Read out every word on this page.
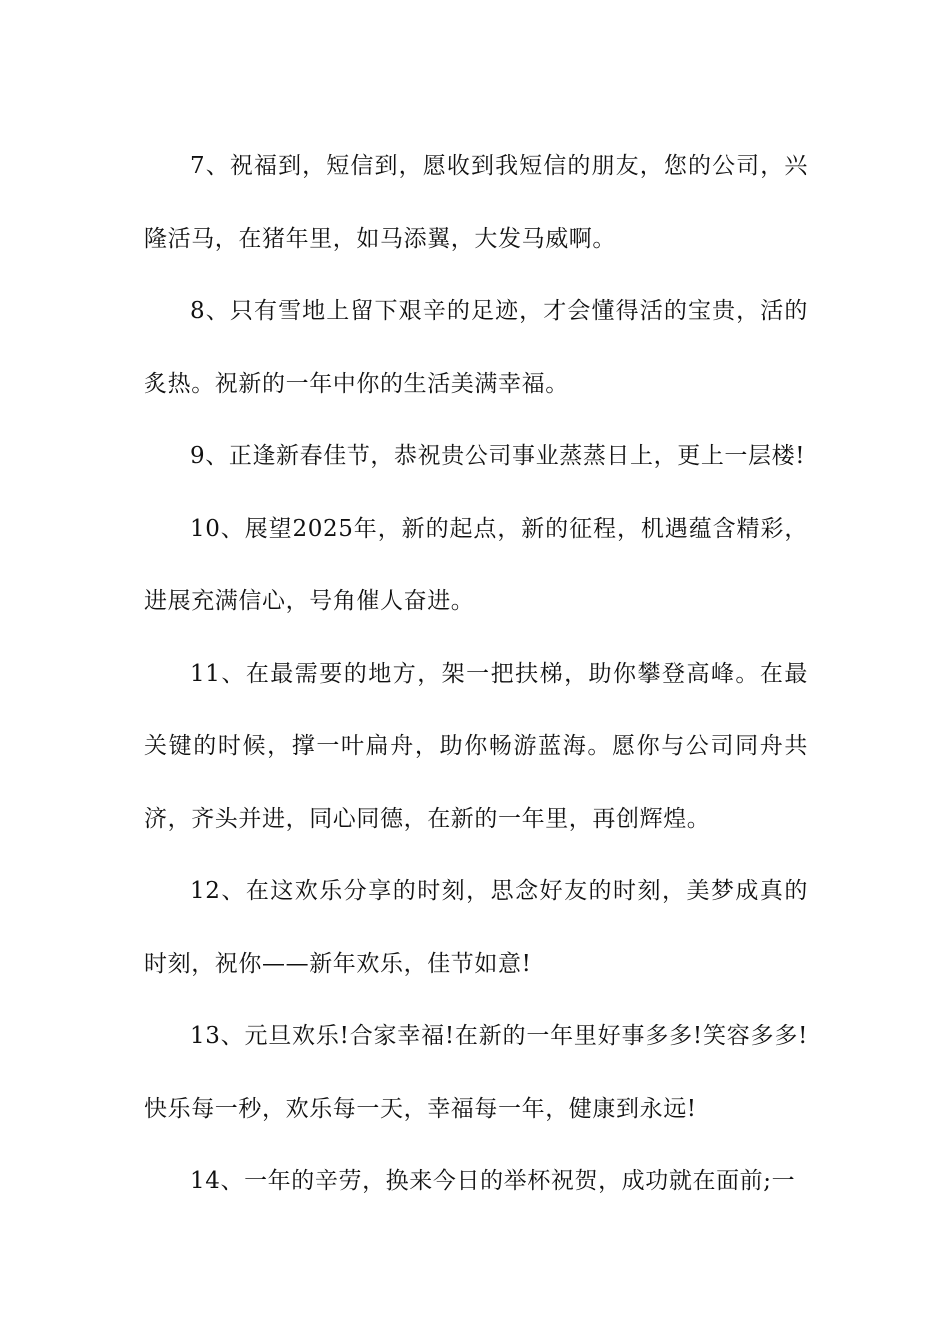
7、祝福到，短信到，愿收到我短信的朋友，您的公司，兴隆活马，在猪年里，如马添翼，大发马威啊。

8、只有雪地上留下艰辛的足迹，才会懂得活的宝贵，活的炙热。祝新的一年中你的生活美满幸福。

9、正逢新春佳节，恭祝贵公司事业蒸蒸日上，更上一层楼!

10、展望2025年，新的起点，新的征程，机遇蕴含精彩，进展充满信心，号角催人奋进。

11、在最需要的地方，架一把扶梯，助你攀登高峰。在最关键的时候，撑一叶扁舟，助你畅游蓝海。愿你与公司同舟共济，齐头并进，同心同德，在新的一年里，再创辉煌。

12、在这欢乐分享的时刻，思念好友的时刻，美梦成真的时刻，祝你——新年欢乐，佳节如意!

13、元旦欢乐!合家幸福!在新的一年里好事多多!笑容多多!快乐每一秒，欢乐每一天，幸福每一年，健康到永远!

14、一年的辛劳，换来今日的举杯祝贺，成功就在面前;一
